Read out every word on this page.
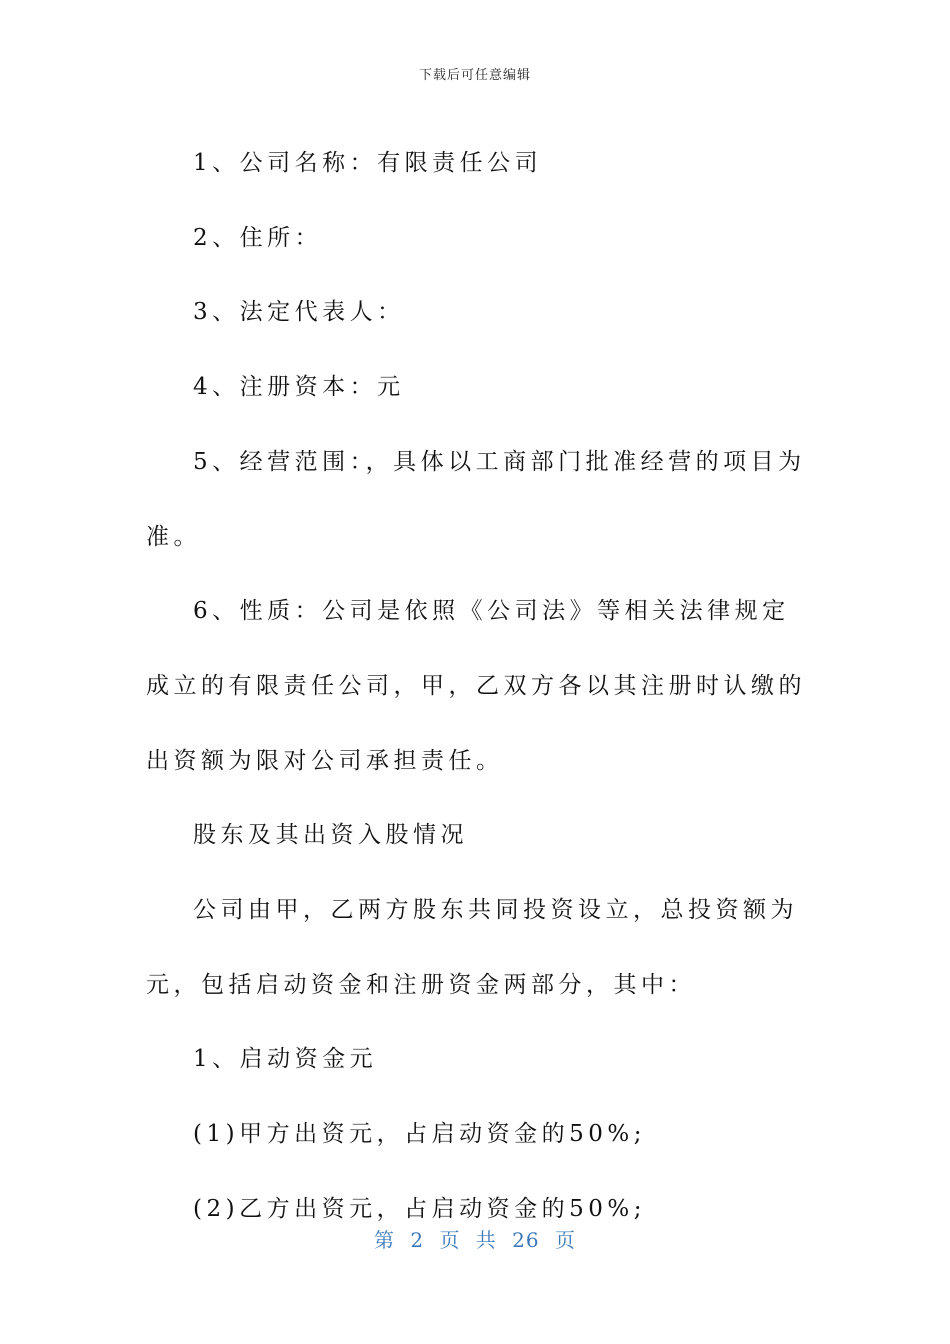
下载后可任意编辑

1、公司名称：有限责任公司

2、住所：

3、法定代表人：

4、注册资本：元

5、经营范围：，具体以工商部门批准经营的项目为准。

6、性质：公司是依照《公司法》等相关法律规定成立的有限责任公司，甲，乙双方各以其注册时认缴的出资额为限对公司承担责任。

股东及其出资入股情况

公司由甲，乙两方股东共同投资设立，总投资额为元，包括启动资金和注册资金两部分，其中：

1、启动资金元

(1)甲方出资元，占启动资金的50%;

(2)乙方出资元，占启动资金的50%;

第 2 页 共 26 页
